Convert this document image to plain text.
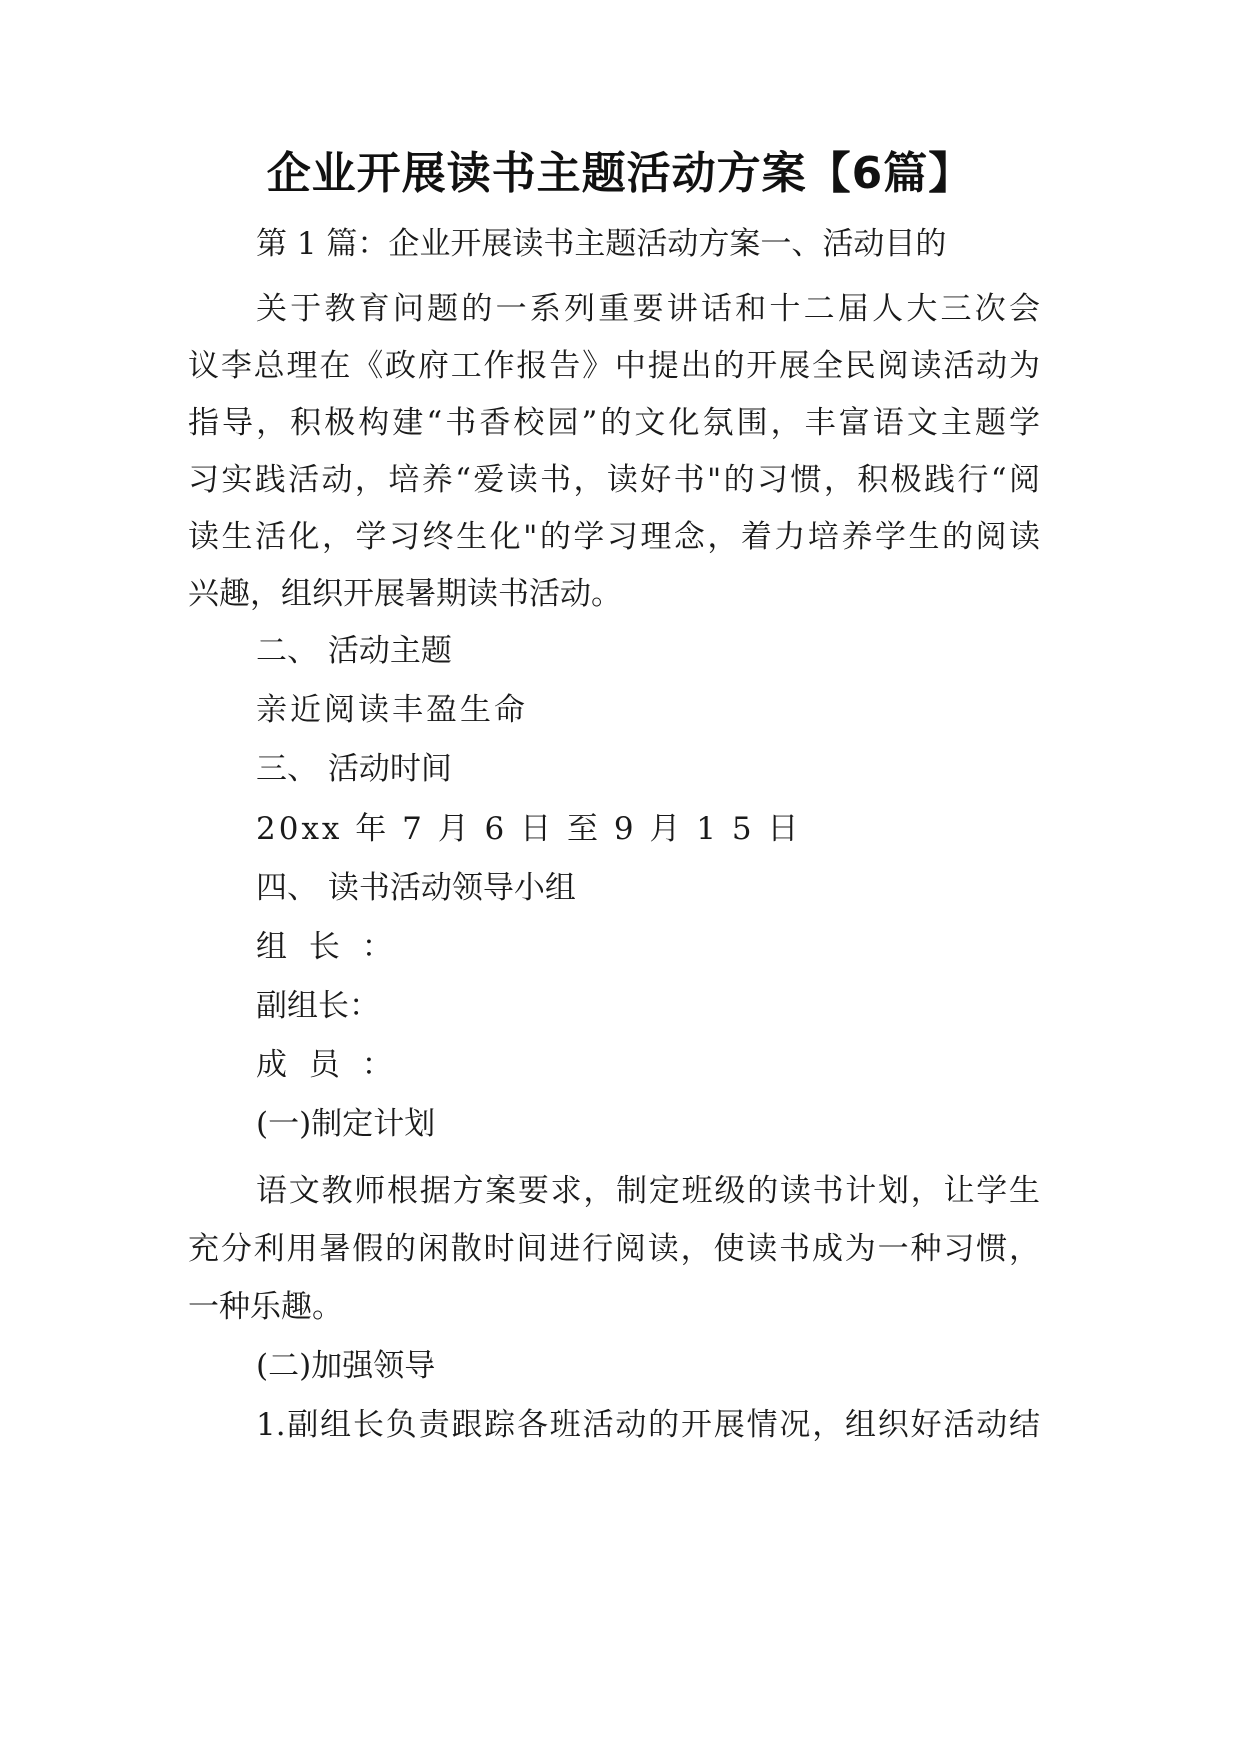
企业开展读书主题活动方案【6篇】
第 1 篇：企业开展读书主题活动方案一、活动目的
关于教育问题的一系列重要讲话和十二届人大三次会
议李总理在《政府工作报告》中提出的开展全民阅读活动为
指导，积极构建“书香校园”的文化氛围，丰富语文主题学
习实践活动，培养“爱读书，读好书"的习惯，积极践行“阅
读生活化，学习终生化"的学习理念，着力培养学生的阅读
兴趣，组织开展暑期读书活动。
二、 活动主题
亲近阅读丰盈生命
三、 活动时间
20xx 年 7 月 6 日 至 9 月 1 5 日
四、 读书活动领导小组
组 长 ：
副组长：
成 员 ：
(一)制定计划
语文教师根据方案要求，制定班级的读书计划，让学生
充分利用暑假的闲散时间进行阅读，使读书成为一种习惯，
一种乐趣。
(二)加强领导
1.副组长负责跟踪各班活动的开展情况，组织好活动结
